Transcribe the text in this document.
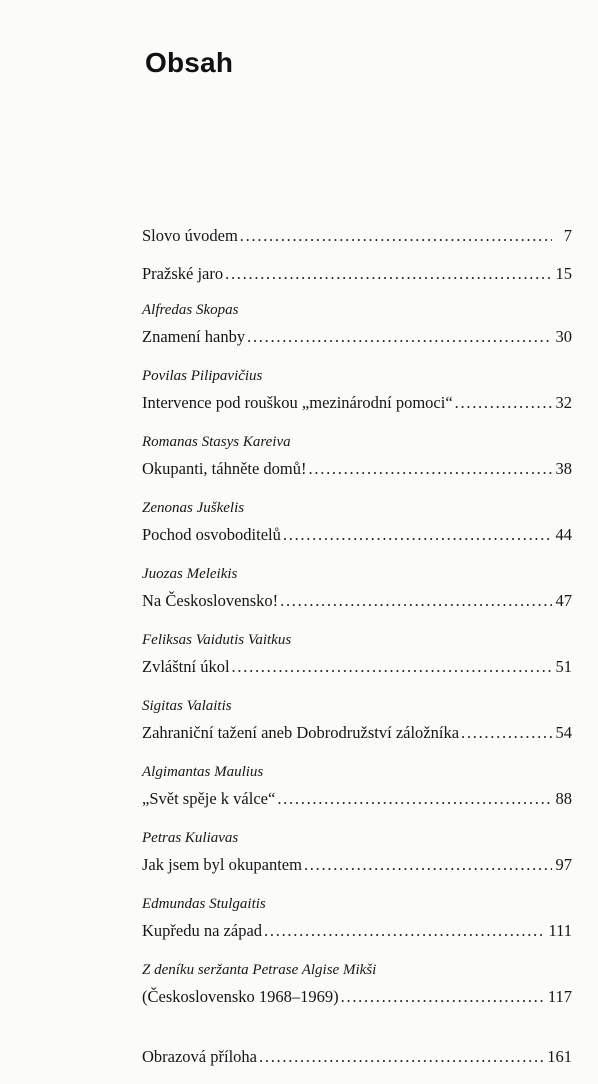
Obsah
Slovo úvodem . . .	7
Pražské jaro . . .	15
Alfredas Skopas
Znamení hanby . . .	30
Povilas Pilipavičius
Intervence pod rouškou „mezinárodní pomoci“ . . .	32
Romanas Stasys Kareiva
Okupanti, táhněte domů! . . .	38
Zenonas Juškelis
Pochod osvoboditelů . . .	44
Juozas Meleikis
Na Československo! . . .	47
Feliksas Vaidutis Vaitkus
Zvláštní úkol . . .	51
Sigitas Valaitis
Zahraniční tažení aneb Dobrodružství záložníka . . .	54
Algimantas Maulius
„Svět spěje k válce“ . . .	88
Petras Kuliavas
Jak jsem byl okupantem . . .	97
Edmundas Stulgaitis
Kupředu na západ . . .	111
Z deníku seržanta Petrase Algise Mikši
(Československo 1968–1969) . . .	117
Obrazová příloha . . .	161
